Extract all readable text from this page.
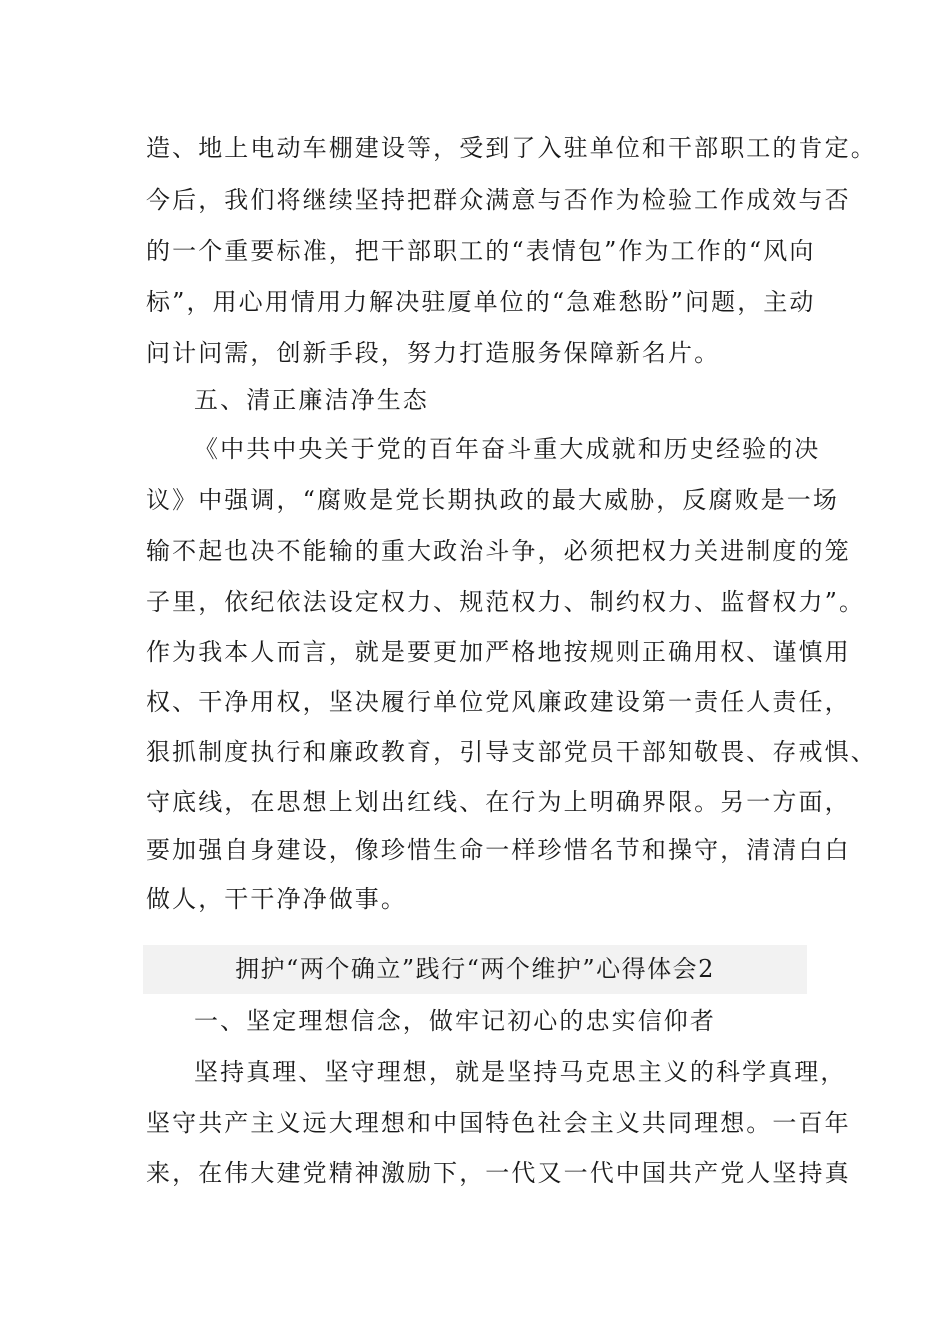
造、地上电动车棚建设等，受到了入驻单位和干部职工的肯定。
今后，我们将继续坚持把群众满意与否作为检验工作成效与否
的一个重要标准，把干部职工的“表情包”作为工作的“风向
标”，用心用情用力解决驻厦单位的“急难愁盼”问题，主动
问计问需，创新手段，努力打造服务保障新名片。
五、清正廉洁净生态
《中共中央关于党的百年奋斗重大成就和历史经验的决
议》中强调，“腐败是党长期执政的最大威胁，反腐败是一场
输不起也决不能输的重大政治斗争，必须把权力关进制度的笼
子里，依纪依法设定权力、规范权力、制约权力、监督权力”。
作为我本人而言，就是要更加严格地按规则正确用权、谨慎用
权、干净用权，坚决履行单位党风廉政建设第一责任人责任，
狠抓制度执行和廉政教育，引导支部党员干部知敬畏、存戒惧、
守底线，在思想上划出红线、在行为上明确界限。另一方面，
要加强自身建设，像珍惜生命一样珍惜名节和操守，清清白白
做人，干干净净做事。
拥护“两个确立”践行“两个维护”心得体会2
一、坚定理想信念，做牢记初心的忠实信仰者
坚持真理、坚守理想，就是坚持马克思主义的科学真理，
坚守共产主义远大理想和中国特色社会主义共同理想。一百年
来，在伟大建党精神激励下，一代又一代中国共产党人坚持真
